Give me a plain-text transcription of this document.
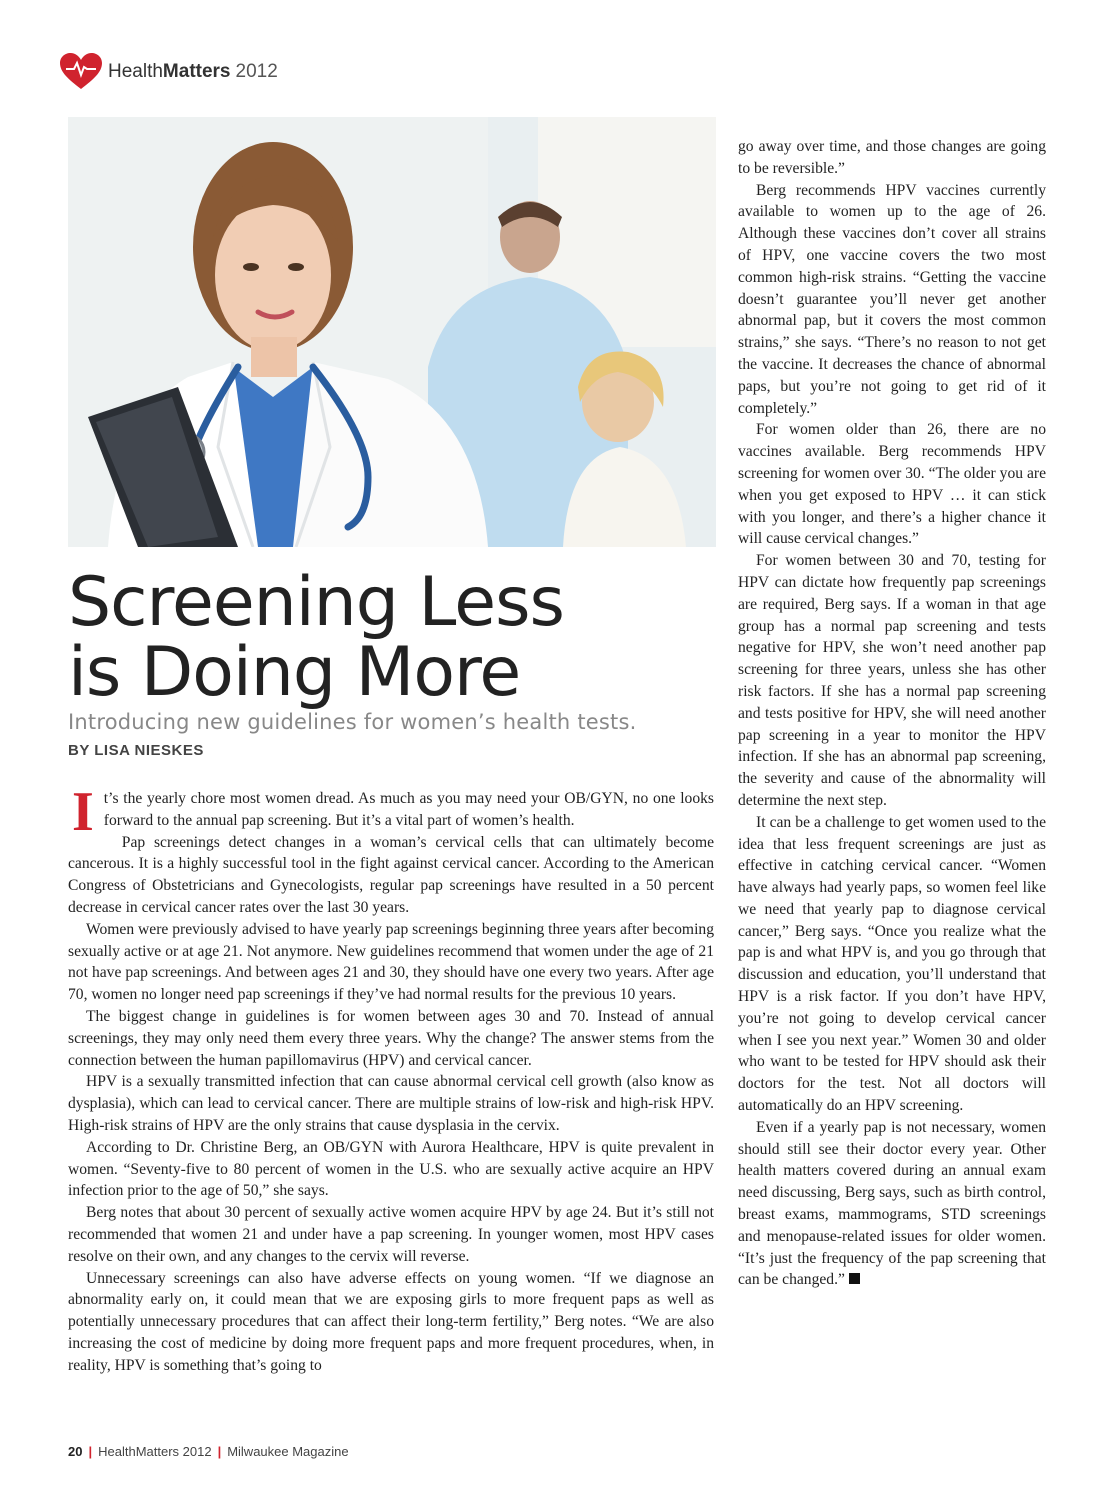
HealthMatters 2012
Screening Less
is Doing More
Introducing new guidelines for women’s health tests.
BY LISA NIESKES

It’s the yearly chore most women dread. As much as you may need your OB/GYN, no one looks forward to the annual pap screening. But it’s a vital part of women’s health.

Pap screenings detect changes in a woman’s cervical cells that can ultimately become cancerous. It is a highly successful tool in the fight against cervical cancer. According to the American Congress of Obstetricians and Gynecologists, regular pap screenings have resulted in a 50 percent decrease in cervical cancer rates over the last 30 years.

Women were previously advised to have yearly pap screenings beginning three years after becoming sexually active or at age 21. Not anymore. New guidelines recommend that women under the age of 21 not have pap screenings. And between ages 21 and 30, they should have one every two years. After age 70, women no longer need pap screenings if they’ve had normal results for the previous 10 years.

The biggest change in guidelines is for women between ages 30 and 70. Instead of annual screenings, they may only need them every three years. Why the change? The answer stems from the connection between the human papillomavirus (HPV) and cervical cancer.

HPV is a sexually transmitted infection that can cause abnormal cervical cell growth (also know as dysplasia), which can lead to cervical cancer. There are multiple strains of low-risk and high-risk HPV. High-risk strains of HPV are the only strains that cause dysplasia in the cervix.

According to Dr. Christine Berg, an OB/GYN with Aurora Healthcare, HPV is quite prevalent in women. “Seventy-five to 80 percent of women in the U.S. who are sexually active acquire an HPV infection prior to the age of 50,” she says.

Berg notes that about 30 percent of sexually active women acquire HPV by age 24. But it’s still not recommended that women 21 and under have a pap screening. In younger women, most HPV cases resolve on their own, and any changes to the cervix will reverse.

Unnecessary screenings can also have adverse effects on young women. “If we diagnose an abnormality early on, it could mean that we are exposing girls to more frequent paps as well as potentially unnecessary procedures that can affect their long-term fertility,” Berg notes. “We are also increasing the cost of medicine by doing more frequent paps and more frequent procedures, when, in reality, HPV is something that’s going to

go away over time, and those changes are going to be reversible.”

Berg recommends HPV vaccines currently available to women up to the age of 26. Although these vaccines don’t cover all strains of HPV, one vaccine covers the two most common high-risk strains. “Getting the vaccine doesn’t guarantee you’ll never get another abnormal pap, but it covers the most common strains,” she says. “There’s no reason to not get the vaccine. It decreases the chance of abnormal paps, but you’re not going to get rid of it completely.”

For women older than 26, there are no vaccines available. Berg recommends HPV screening for women over 30. “The older you are when you get exposed to HPV … it can stick with you longer, and there’s a higher chance it will cause cervical changes.”

For women between 30 and 70, testing for HPV can dictate how frequently pap screenings are required, Berg says. If a woman in that age group has a normal pap screening and tests negative for HPV, she won’t need another pap screening for three years, unless she has other risk factors. If she has a normal pap screening and tests positive for HPV, she will need another pap screening in a year to monitor the HPV infection. If she has an abnormal pap screening, the severity and cause of the abnormality will determine the next step.

It can be a challenge to get women used to the idea that less frequent screenings are just as effective in catching cervical cancer. “Women have always had yearly paps, so women feel like we need that yearly pap to diagnose cervical cancer,” Berg says. “Once you realize what the pap is and what HPV is, and you go through that discussion and education, you’ll understand that HPV is a risk factor. If you don’t have HPV, you’re not going to develop cervical cancer when I see you next year.” Women 30 and older who want to be tested for HPV should ask their doctors for the test. Not all doctors will automatically do an HPV screening.

Even if a yearly pap is not necessary, women should still see their doctor every year. Other health matters covered during an annual exam need discussing, Berg says, such as birth control, breast exams, mammograms, STD screenings and menopause-related issues for older women. “It’s just the frequency of the pap screening that can be changed.”

20 | HealthMatters 2012 | Milwaukee Magazine
